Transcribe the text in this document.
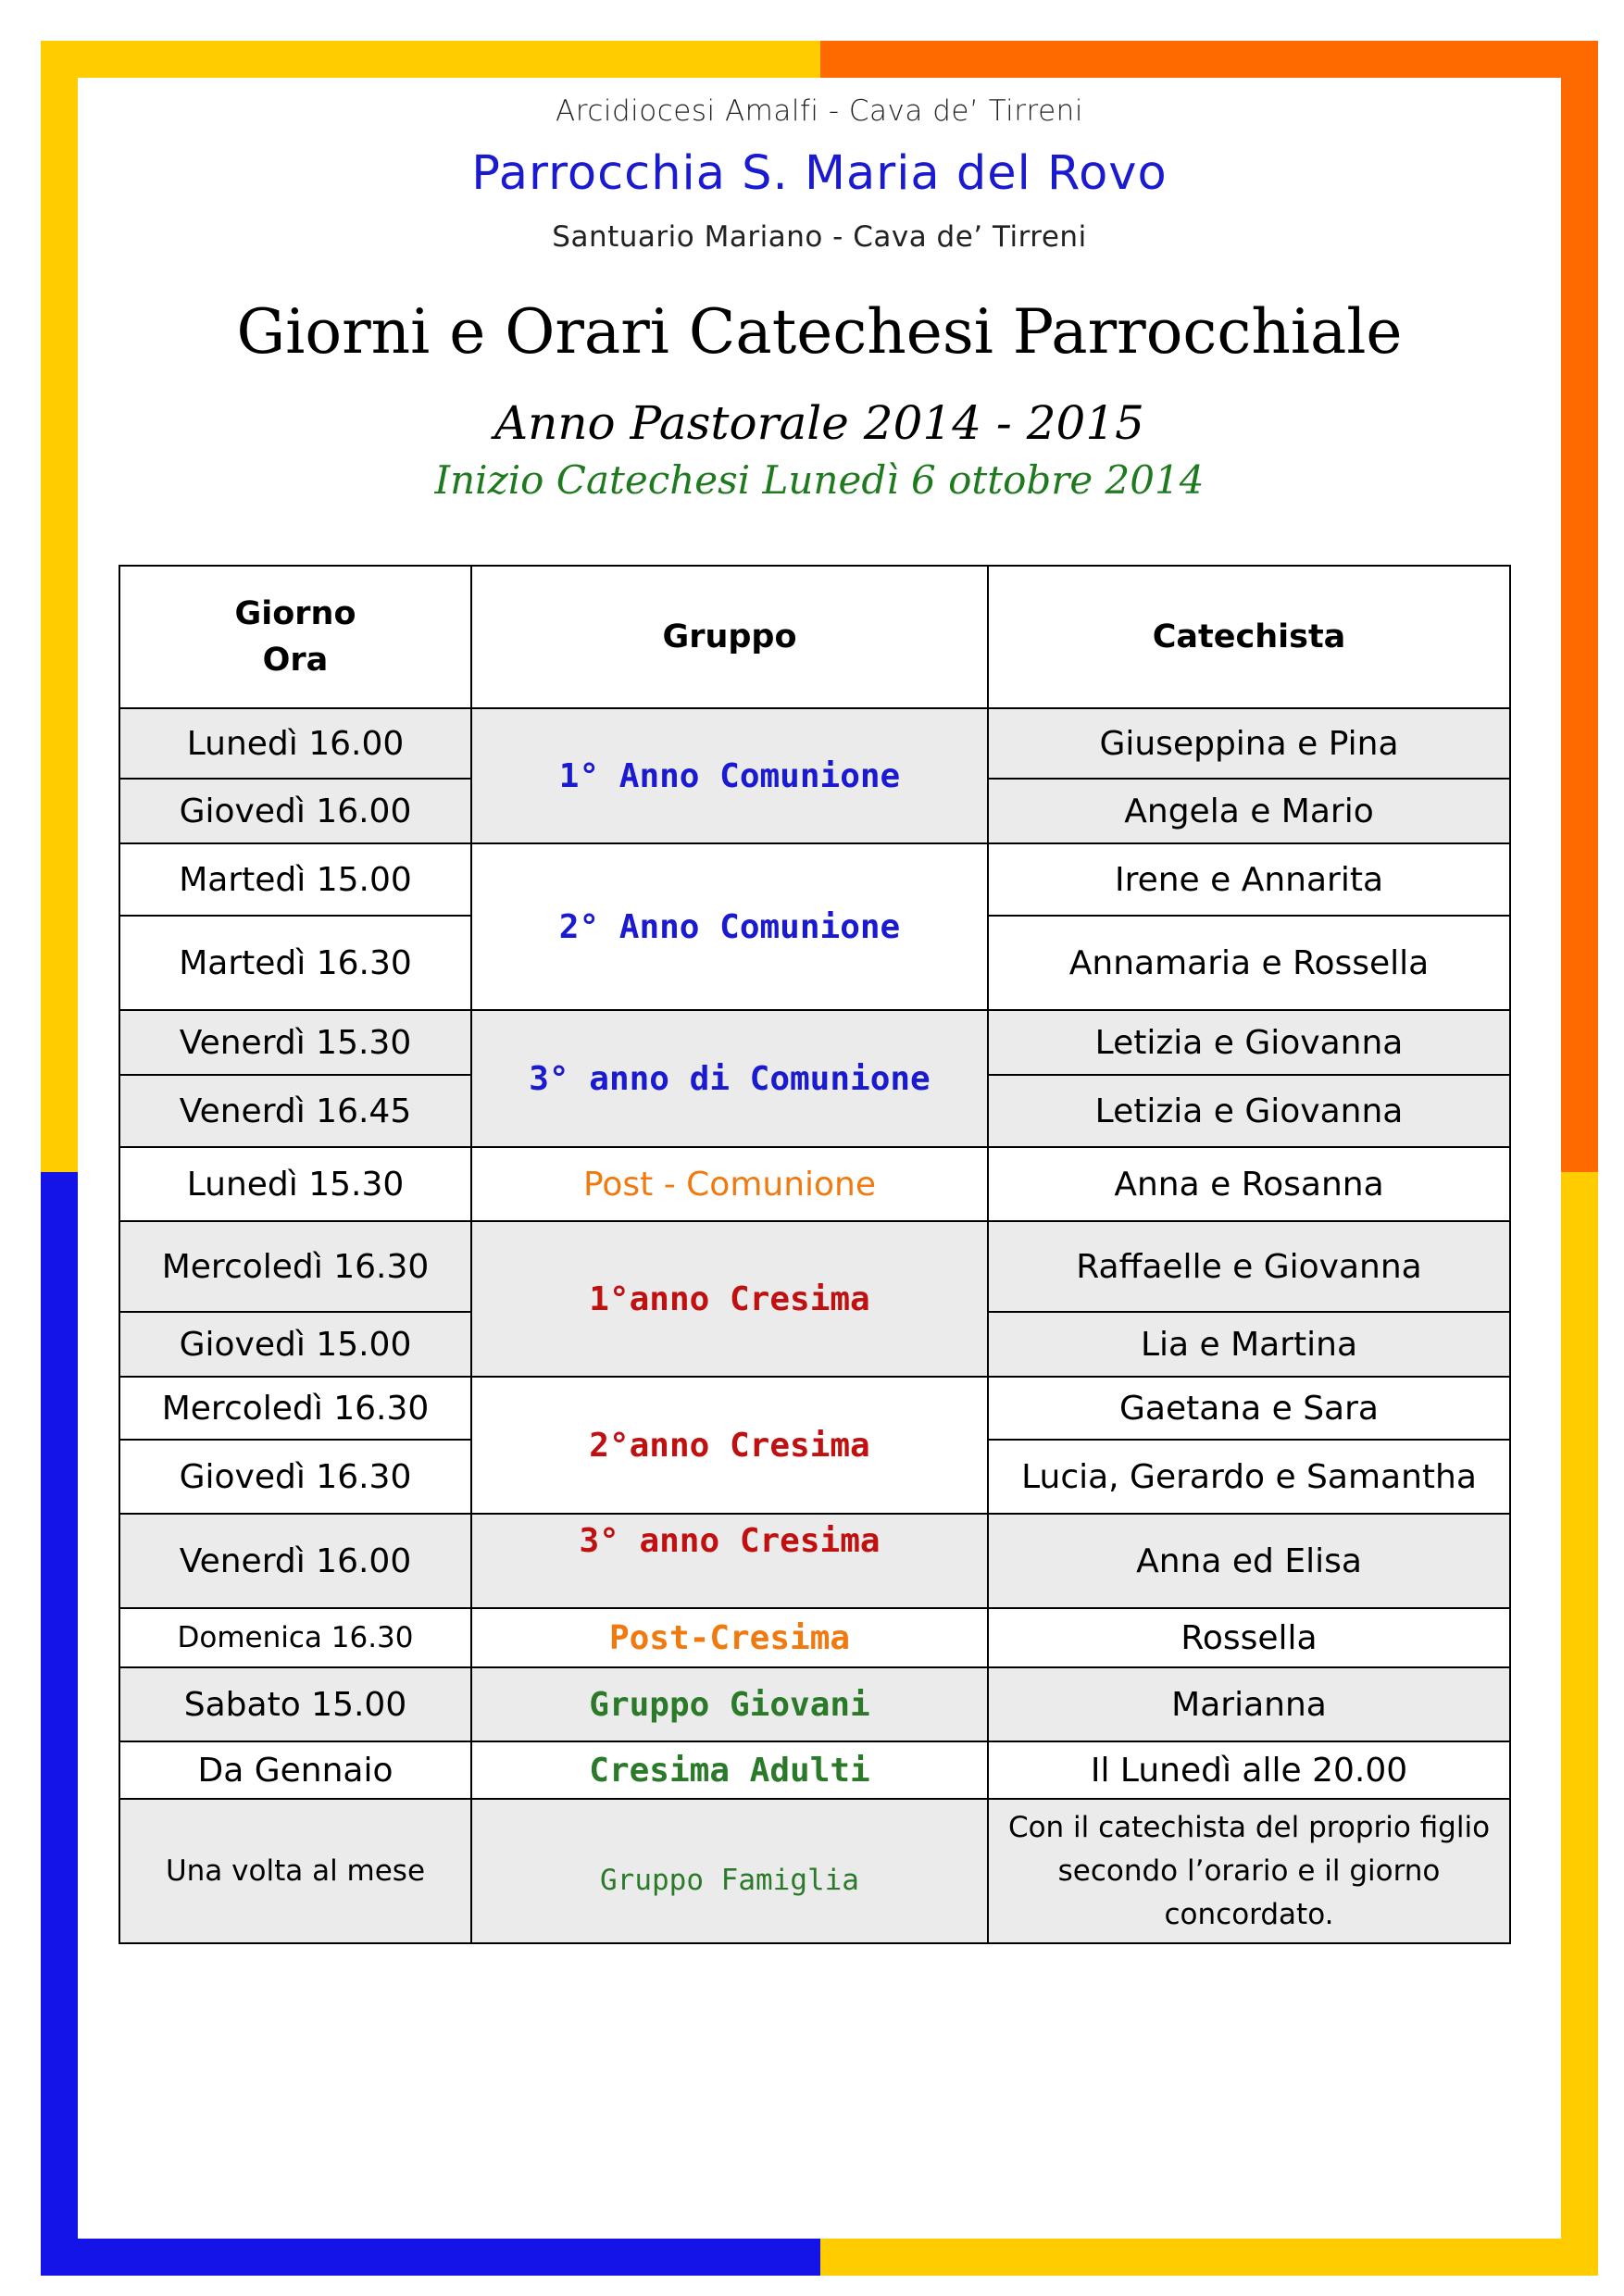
Arcidiocesi Amalfi - Cava de’ Tirreni
Parrocchia S. Maria del Rovo
Santuario Mariano - Cava de’ Tirreni
Giorni e Orari Catechesi Parrocchiale
Anno Pastorale 2014 - 2015
Inizio Catechesi Lunedì 6 ottobre 2014
Giorno
Ora	Gruppo	Catechista
Lunedì 16.00	1° Anno Comunione	Giuseppina e Pina
Giovedì 16.00		Angela e Mario
Martedì 15.00	2° Anno Comunione	Irene e Annarita
Martedì 16.30		Annamaria e Rossella
Venerdì 15.30	3° anno di Comunione	Letizia e Giovanna
Venerdì 16.45		Letizia e Giovanna
Lunedì 15.30	Post - Comunione	Anna e Rosanna
Mercoledì 16.30	1°anno Cresima	Raffaelle e Giovanna
Giovedì 15.00		Lia e Martina
Mercoledì 16.30	2°anno Cresima	Gaetana e Sara
Giovedì 16.30		Lucia, Gerardo e Samantha
Venerdì 16.00	3° anno Cresima	Anna ed Elisa
Domenica 16.30	Post-Cresima	Rossella
Sabato 15.00	Gruppo Giovani	Marianna
Da Gennaio	Cresima Adulti	Il Lunedì alle 20.00
Una volta al mese	Gruppo Famiglia	Con il catechista del proprio figlio secondo l’orario e il giorno concordato.
